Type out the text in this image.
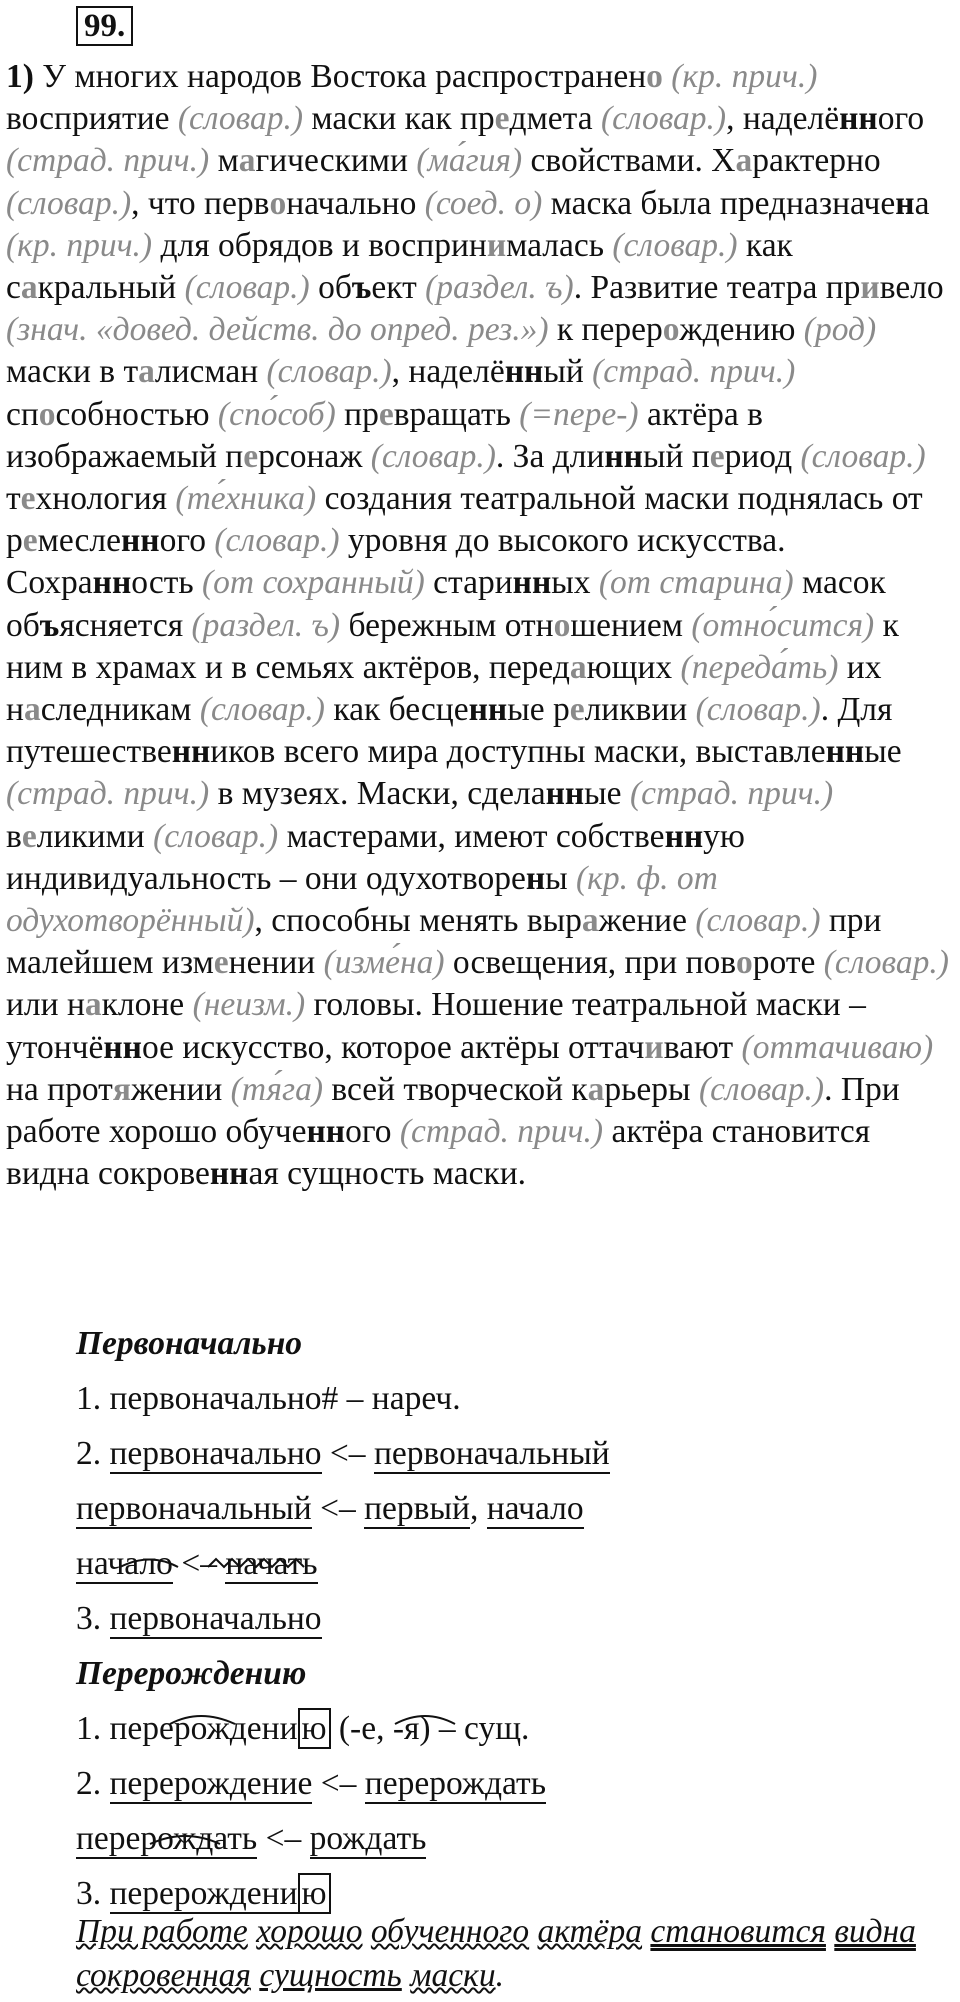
99.

1) У многих народов Востока распространено (кр. прич.) восприятие (словар.) маски как предмета (словар.), наделённого (страд. прич.) магическими (ма́гия) свойствами. Характерно (словар.), что первоначально (соед. о) маска была предназначена (кр. прич.) для обрядов и воспринималась (словар.) как сакральный (словар.) объект (раздел. ъ). Развитие театра привело (знач. «довед. действ. до опред. рез.») к перерождению (род) маски в талисман (словар.), наделённый (страд. прич.) способностью (спо́соб) превращать (=пере-) актёра в изображаемый персонаж (словар.). За длинный период (словар.) технология (те́хника) создания театральной маски поднялась от ремесленного (словар.) уровня до высокого искусства. Сохранность (от сохранный) старинных (от старина) масок объясняется (раздел. ъ) бережным отношением (отно́сится) к ним в храмах и в семьях актёров, передающих (переда́ть) их наследникам (словар.) как бесценные реликвии (словар.). Для путешественников всего мира доступны маски, выставленные (страд. прич.) в музеях. Маски, сделанные (страд. прич.) великими (словар.) мастерами, имеют собственную индивидуальность – они одухотворены (кр. ф. от одухотворённый), способны менять выражение (словар.) при малейшем изменении (изме́на) освещения, при повороте (словар.) или наклоне (неизм.) головы. Ношение театральной маски – утончённое искусство, которое актёры оттачивают (оттачиваю) на протяжении (тя́га) всей творческой карьеры (словар.). При работе хорошо обученного (страд. прич.) актёра становится видна сокровенная сущность маски.

Первоначально
1. первоначально# – нареч.
2. первоначально <– первоначальный
первоначальный <– первый, начало
начало <– начать
3. первоначально
Перерождению
1. перерождени ю (-е, -я) – сущ.
2. перерождение <– перерождать
перерождать <– рождать
3. перерождени ю
При работе хорошо обученного актёра становится видна сокровенная сущность маски.
